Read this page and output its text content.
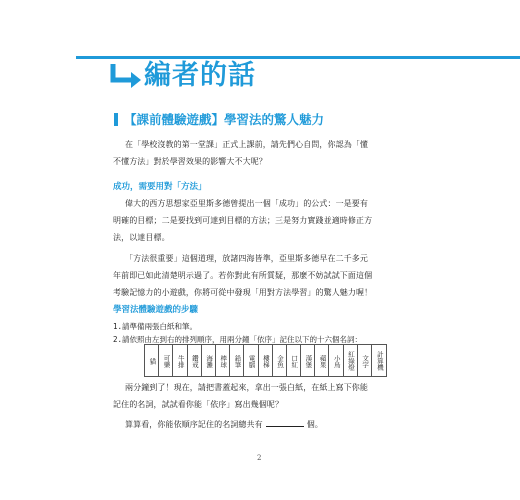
編者的話
【課前體驗遊戲】學習法的驚人魅力
在「學校沒教的第一堂課」正式上課前，請先們心自問，你認為「懂
不懂方法」對於學習效果的影響大不大呢？
成功，需要用對「方法」
偉大的西方思想家亞里斯多德曾提出一個「成功」的公式：一是要有
明確的目標；二是要找到可達到目標的方法；三是努力實踐並適時修正方
法，以達目標。
「方法很重要」這個道理，放諸四海皆準，亞里斯多德早在二千多元
年前即已如此清楚明示過了。若你對此有所質疑，那麼不妨試試下面這個
考驗記憶力的小遊戲，你將可從中發現「用對方法學習」的驚人魅力喔！
學習法體驗遊戲的步驟
1.請準備兩張白紙和筆。
2.請依照由左到右的排列順序，用兩分鐘「依序」記住以下的十六個名詞：
貓 可樂 牛排 鑽戒 海灘 棒球 鉛筆 電腦 樓梯 金魚 口紅 漢堡 蘋果 小鳥 紅綠燈 文字	計算機
兩分鐘到了！現在，請把書蓋起來，拿出一張白紙，在紙上寫下你能
記住的名詞，試試看你能「依序」寫出幾個呢？
算算看，你能依順序記住的名詞總共有	個。
2
